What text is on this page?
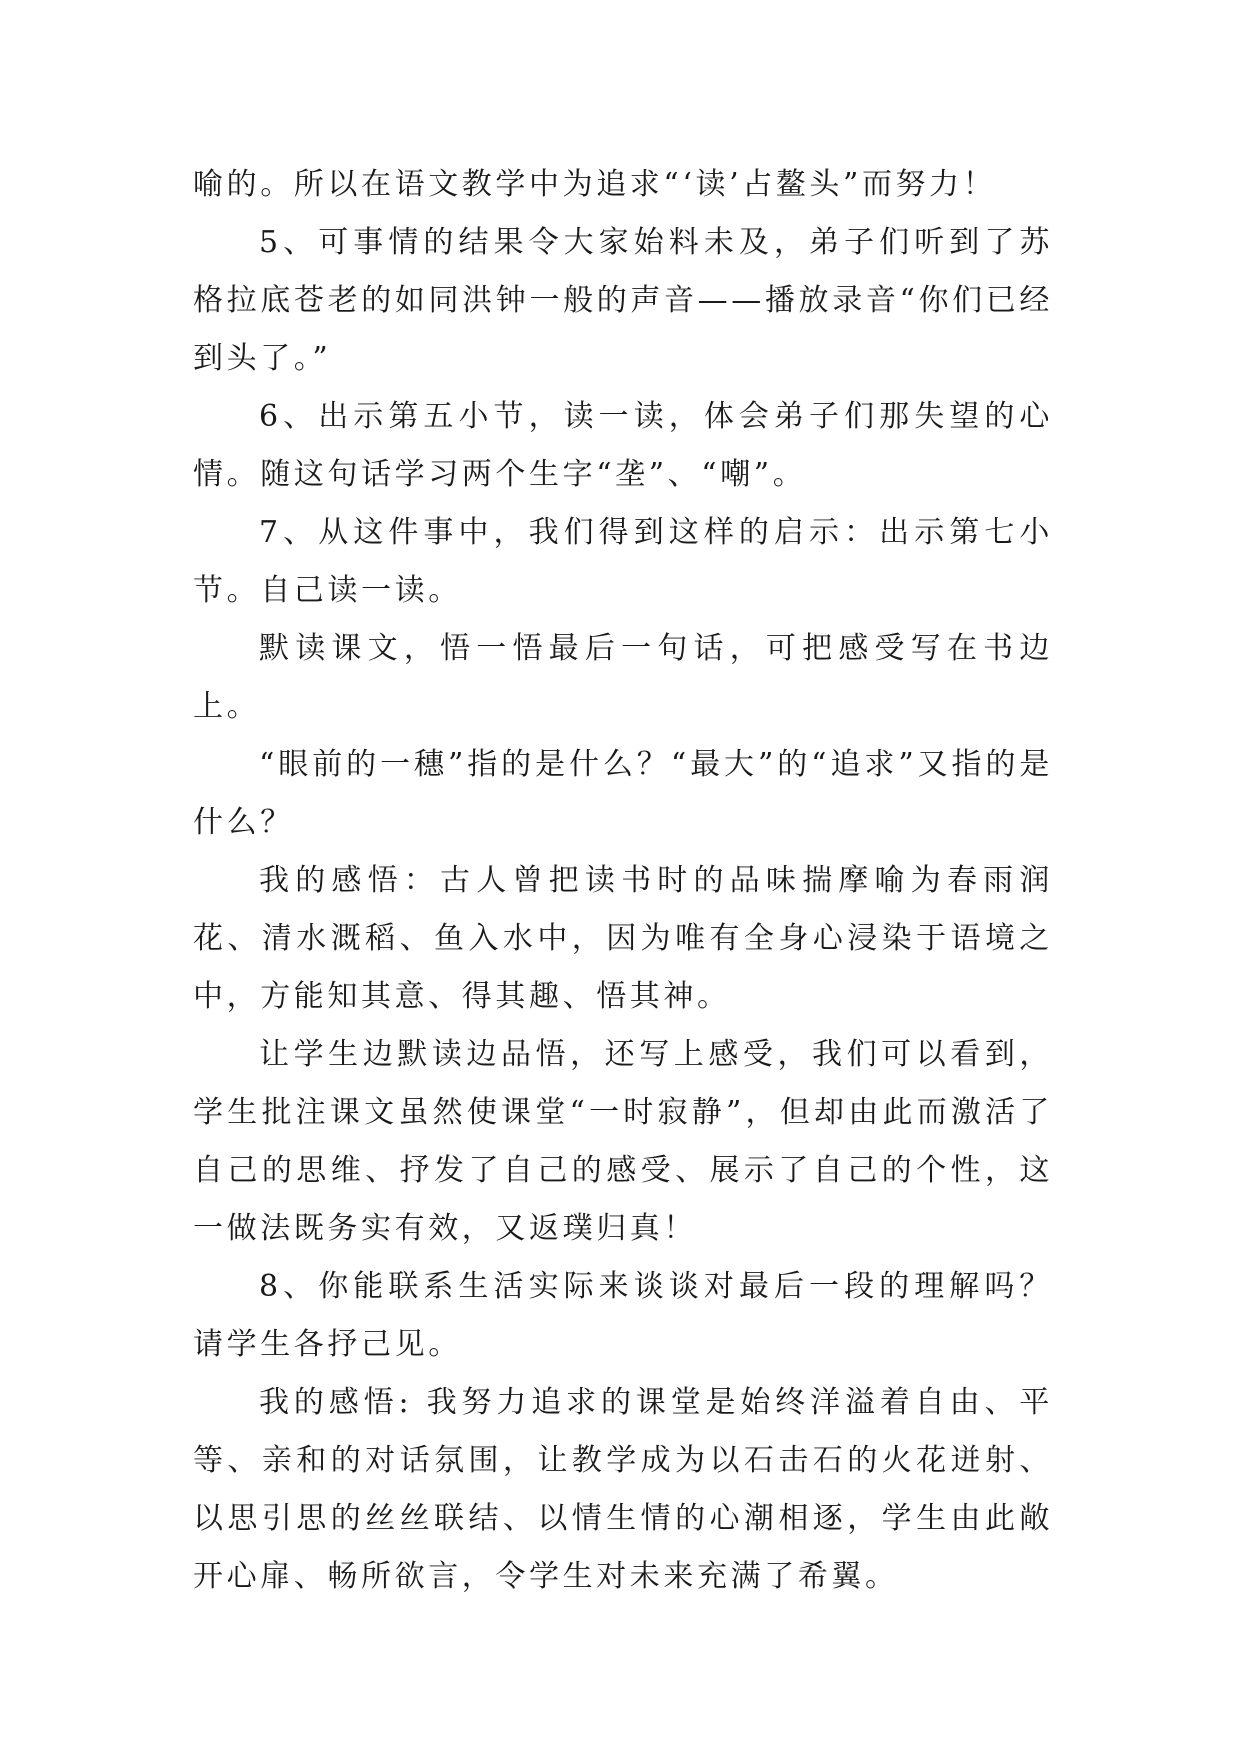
喻的。所以在语文教学中为追求“‘读’占鳌头”而努力！

5、可事情的结果令大家始料未及，弟子们听到了苏格拉底苍老的如同洪钟一般的声音——播放录音“你们已经到头了。”

6、出示第五小节，读一读，体会弟子们那失望的心情。随这句话学习两个生字“垄”、“嘲”。

7、从这件事中，我们得到这样的启示：出示第七小节。自己读一读。

默读课文，悟一悟最后一句话，可把感受写在书边上。

“眼前的一穗”指的是什么？“最大”的“追求”又指的是什么？

我的感悟：古人曾把读书时的品味揣摩喻为春雨润花、清水溉稻、鱼入水中，因为唯有全身心浸染于语境之中，方能知其意、得其趣、悟其神。

让学生边默读边品悟，还写上感受，我们可以看到，学生批注课文虽然使课堂“一时寂静”，但却由此而激活了自己的思维、抒发了自己的感受、展示了自己的个性，这一做法既务实有效，又返璞归真！

8、你能联系生活实际来谈谈对最后一段的理解吗？请学生各抒己见。

我的感悟: 我努力追求的课堂是始终洋溢着自由、平等、亲和的对话氛围，让教学成为以石击石的火花迸射、以思引思的丝丝联结、以情生情的心潮相逐，学生由此敞开心扉、畅所欲言，令学生对未来充满了希翼。
